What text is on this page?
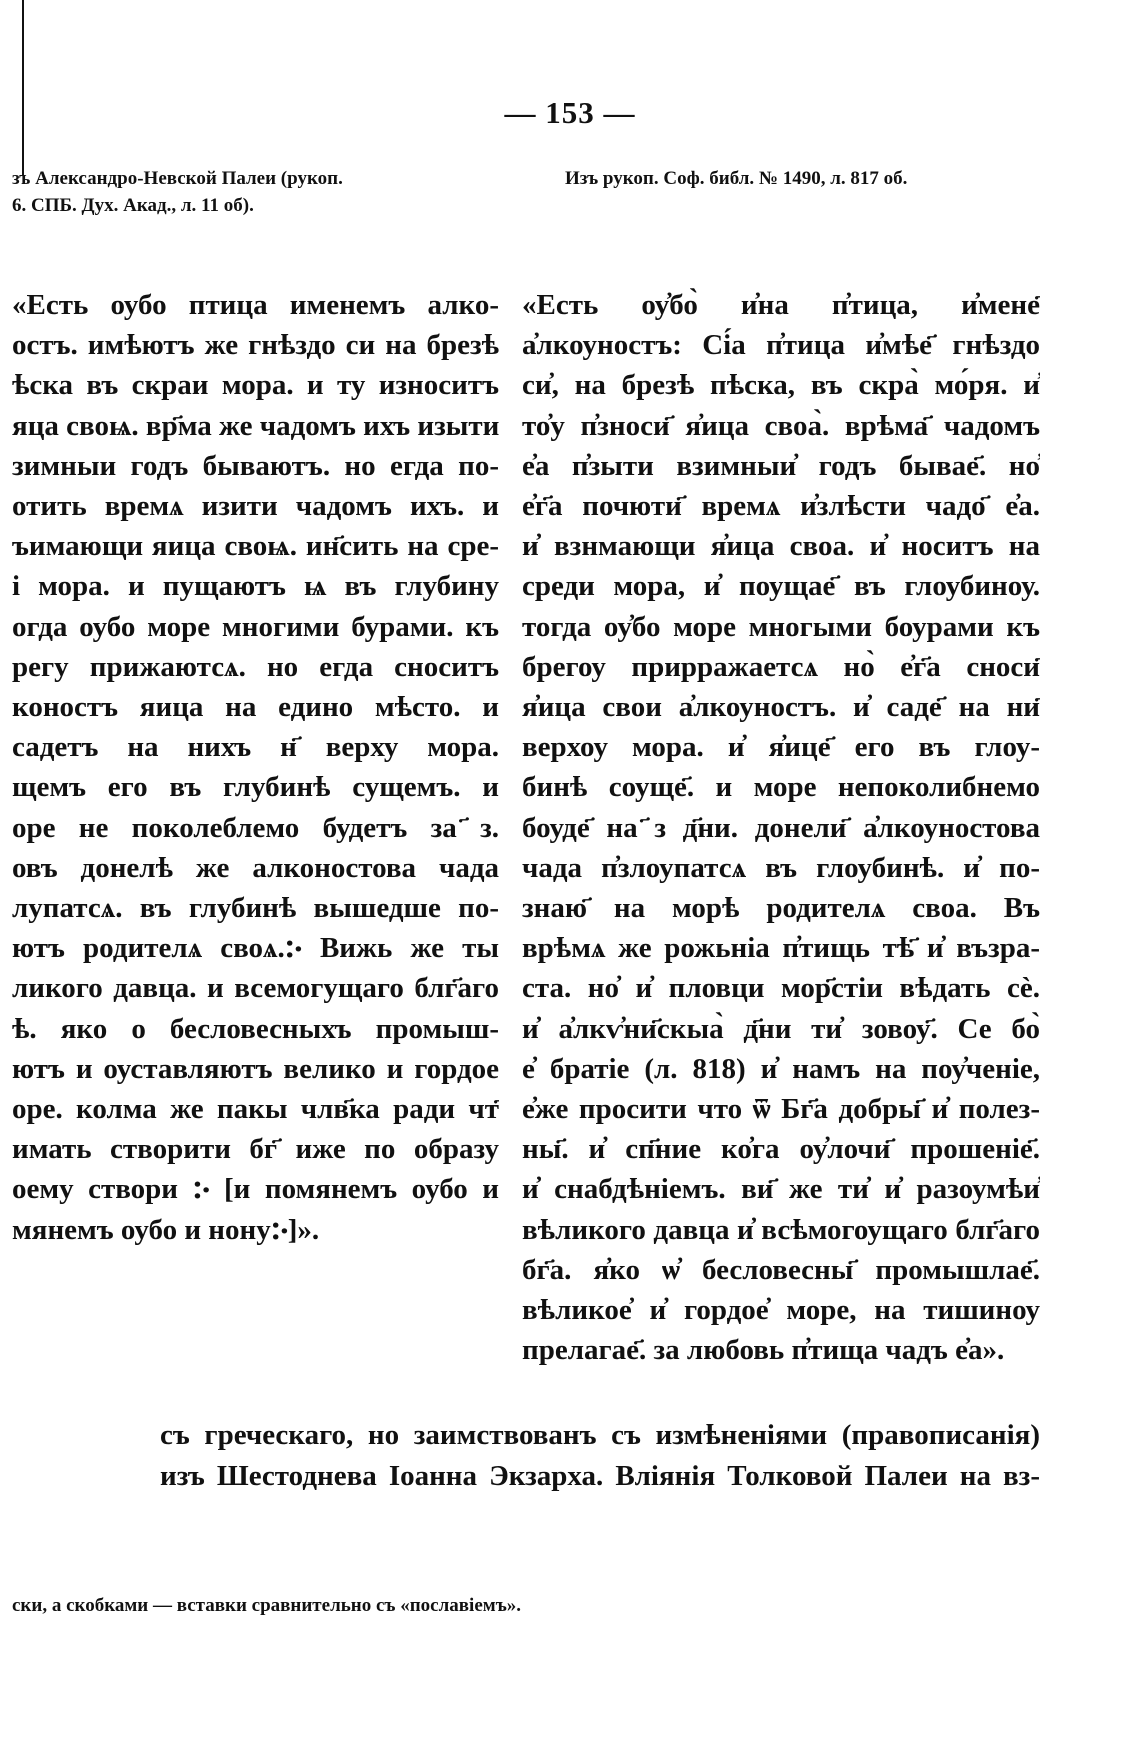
— 153 —
зъ Александро-Невской Палеи (рукоп.
6. СПБ. Дух. Акад., л. 11 об).
Изъ рукоп. Соф. библ. № 1490, л. 817 об.
«Есть оубо птица именемъ алко-
остъ. имѣютъ же гнѣздо си на брезѣ
ѣска въ скраи мора. и ту износитъ
яца своѩ. вр҃ма же чадомъ ихъ изыти
зимныи годъ бываютъ. но егда по-
отить времѧ изити чадомъ ихъ. и
ъимающи яица своѩ. ин҃сить на сре-
і мора. и пущаютъ ѩ въ глубину
огда оубо море многими бурами. къ
регу прижаютсѧ. но егда сноситъ
коностъ яица на едино мѣсто. и
садетъ на нихъ н҃ верху мора.
щемъ его въ глубинѣ сущемъ. и
оре не поколеблемо будетъ за ҃з.
овъ донелѣ же алконостова чада
лупатсѧ. въ глубинѣ вышедше по-
ютъ родителѧ своѧ.჻ Вижь же ты
ликого давца. и всемогущаго блг҃аго
ѣ. яко о бесловесныхъ промыш-
ютъ и оуставляютъ велико и гордое
оре. колма же пакы члв҃ка ради чт҃
имать створити бг҃ иже по образу
оему створи ჻ [и помянемъ оубо и
мянемъ оубо и нону჻]».
«Есть оу҆бо̀ и҆на п҆тица, и҆мене҃
а҆лкоуностъ: Сі́а п҆тица и҆мѣе҃ гнѣздо
си҆, на брезѣ пѣска, въ скра̀ мо́ря. и҆
то҆у п҆зноси҃ я҆ица своа̀. врѣма҃ чадомъ
е҆а п҆зыти взимныи҆ годъ бывае҃. но҆
е҆г҃а почюти҃ времѧ и҆злѣсти чадо҃ е҆а.
и҆ взнмающи я҆ица своа. и҆ носитъ на
среди мора, и҆ поущае҃ въ глоубиноу.
тогда оу҆бо море многыми боурами къ
брегоу прирражаетсѧ но̀ е҆г҃а сноси҃
я҆ица свои а҆лкоуностъ. и҆ саде҃ на ни҃
верхоу мора. и҆ я҆ице҃ его въ глоу-
бинѣ соуще҃. и море непоколибнемо
боуде҃ на ҃з д҃ни. донели҃ а҆лкоуностова
чада п҆злоупатсѧ въ глоубинѣ. и҆ по-
знаю҃ на морѣ родителѧ своа. Въ
врѣмѧ же рожьнiа п҆тищь тѣ҃ и҆ възра-
ста. но҆ и҆ пловци мор҃стіи вѣдать сѐ.
и҆ а҆лкѵ҆ни҃скыа̀ д҃ни ти҆ зовоу҃. Се бо̀
е҆ братiе (л. 818) и҆ намъ на поу҆ченiе,
е҆же просити что ѿ Бг҃а добры҃ и҆ полез-
ны҃. и҆ сп҃ние ко҆га оу҆лочи҃ прошенiе҃.
и҆ снабдѣнiемъ. ви҃ же ти҆ и҆ разоумѣи҆
вѣликого давца и҆ всѣмогоущаго блг҃аго
бг҃а. я҆ко ѡ҆ бесловесны҃ промышлае҃.
вѣликое҆ и҆ гордое҆ море, на тишиноу
прелагае҃. за любовь п҆тища чадъ е҆а».
съ греческаго, но заимствованъ съ измѣненіями (правописанія)
изъ Шестоднева Іоанна Экзарха. Вліянія Толковой Палеи на вз-
ски, а скобками — вставки сравнительно съ «пославіемъ».
